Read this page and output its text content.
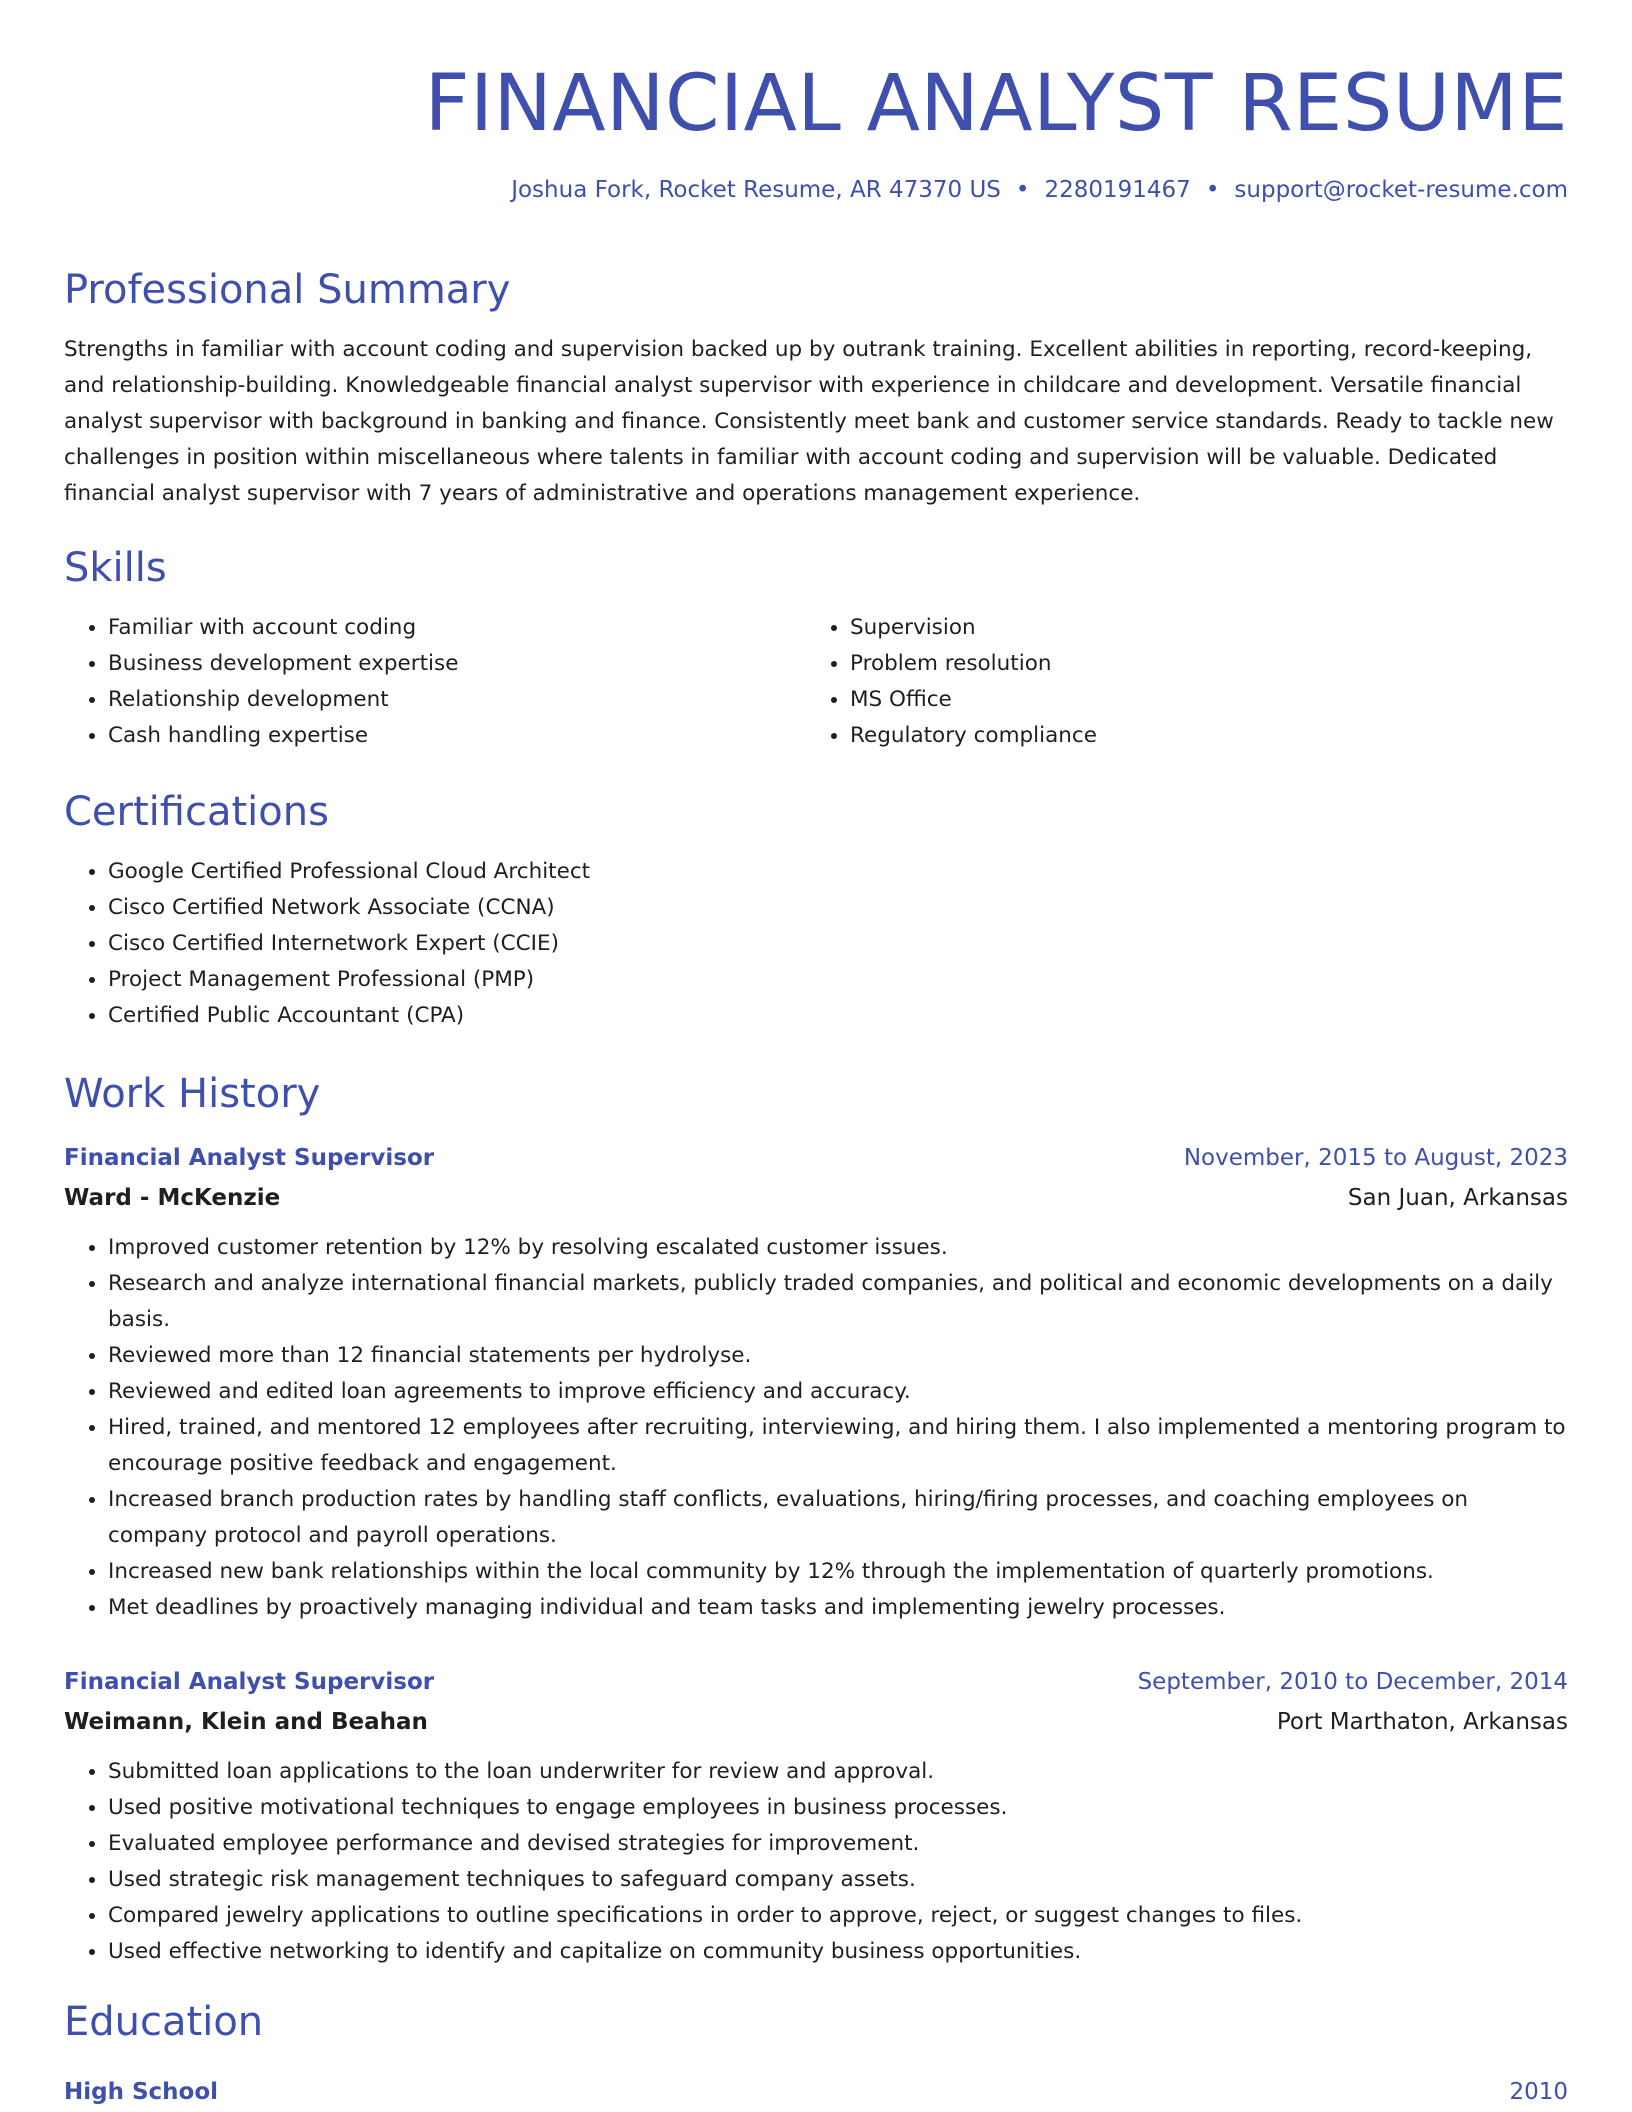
FINANCIAL ANALYST RESUME
Joshua Fork, Rocket Resume, AR 47370 US • 2280191467 • support@rocket-resume.com
Professional Summary

Strengths in familiar with account coding and supervision backed up by outrank training. Excellent abilities in reporting, record-keeping, and relationship-building. Knowledgeable financial analyst supervisor with experience in childcare and development. Versatile financial analyst supervisor with background in banking and finance. Consistently meet bank and customer service standards. Ready to tackle new challenges in position within miscellaneous where talents in familiar with account coding and supervision will be valuable. Dedicated financial analyst supervisor with 7 years of administrative and operations management experience.

Skills
• Familiar with account coding
• Business development expertise
• Relationship development
• Cash handling expertise
• Supervision
• Problem resolution
• MS Office
• Regulatory compliance
Certifications
• Google Certified Professional Cloud Architect
• Cisco Certified Network Associate (CCNA)
• Cisco Certified Internetwork Expert (CCIE)
• Project Management Professional (PMP)
• Certified Public Accountant (CPA)
Work History
Financial Analyst Supervisor	November, 2015 to August, 2023
Ward - McKenzie	San Juan, Arkansas
• Improved customer retention by 12% by resolving escalated customer issues.
• Research and analyze international financial markets, publicly traded companies, and political and economic developments on a daily basis.
• Reviewed more than 12 financial statements per hydrolyse.
• Reviewed and edited loan agreements to improve efficiency and accuracy.
• Hired, trained, and mentored 12 employees after recruiting, interviewing, and hiring them. I also implemented a mentoring program to encourage positive feedback and engagement.
• Increased branch production rates by handling staff conflicts, evaluations, hiring/firing processes, and coaching employees on company protocol and payroll operations.
• Increased new bank relationships within the local community by 12% through the implementation of quarterly promotions.
• Met deadlines by proactively managing individual and team tasks and implementing jewelry processes.
Financial Analyst Supervisor	September, 2010 to December, 2014
Weimann, Klein and Beahan	Port Marthaton, Arkansas
• Submitted loan applications to the loan underwriter for review and approval.
• Used positive motivational techniques to engage employees in business processes.
• Evaluated employee performance and devised strategies for improvement.
• Used strategic risk management techniques to safeguard company assets.
• Compared jewelry applications to outline specifications in order to approve, reject, or suggest changes to files.
• Used effective networking to identify and capitalize on community business opportunities.
Education
High School	2010
